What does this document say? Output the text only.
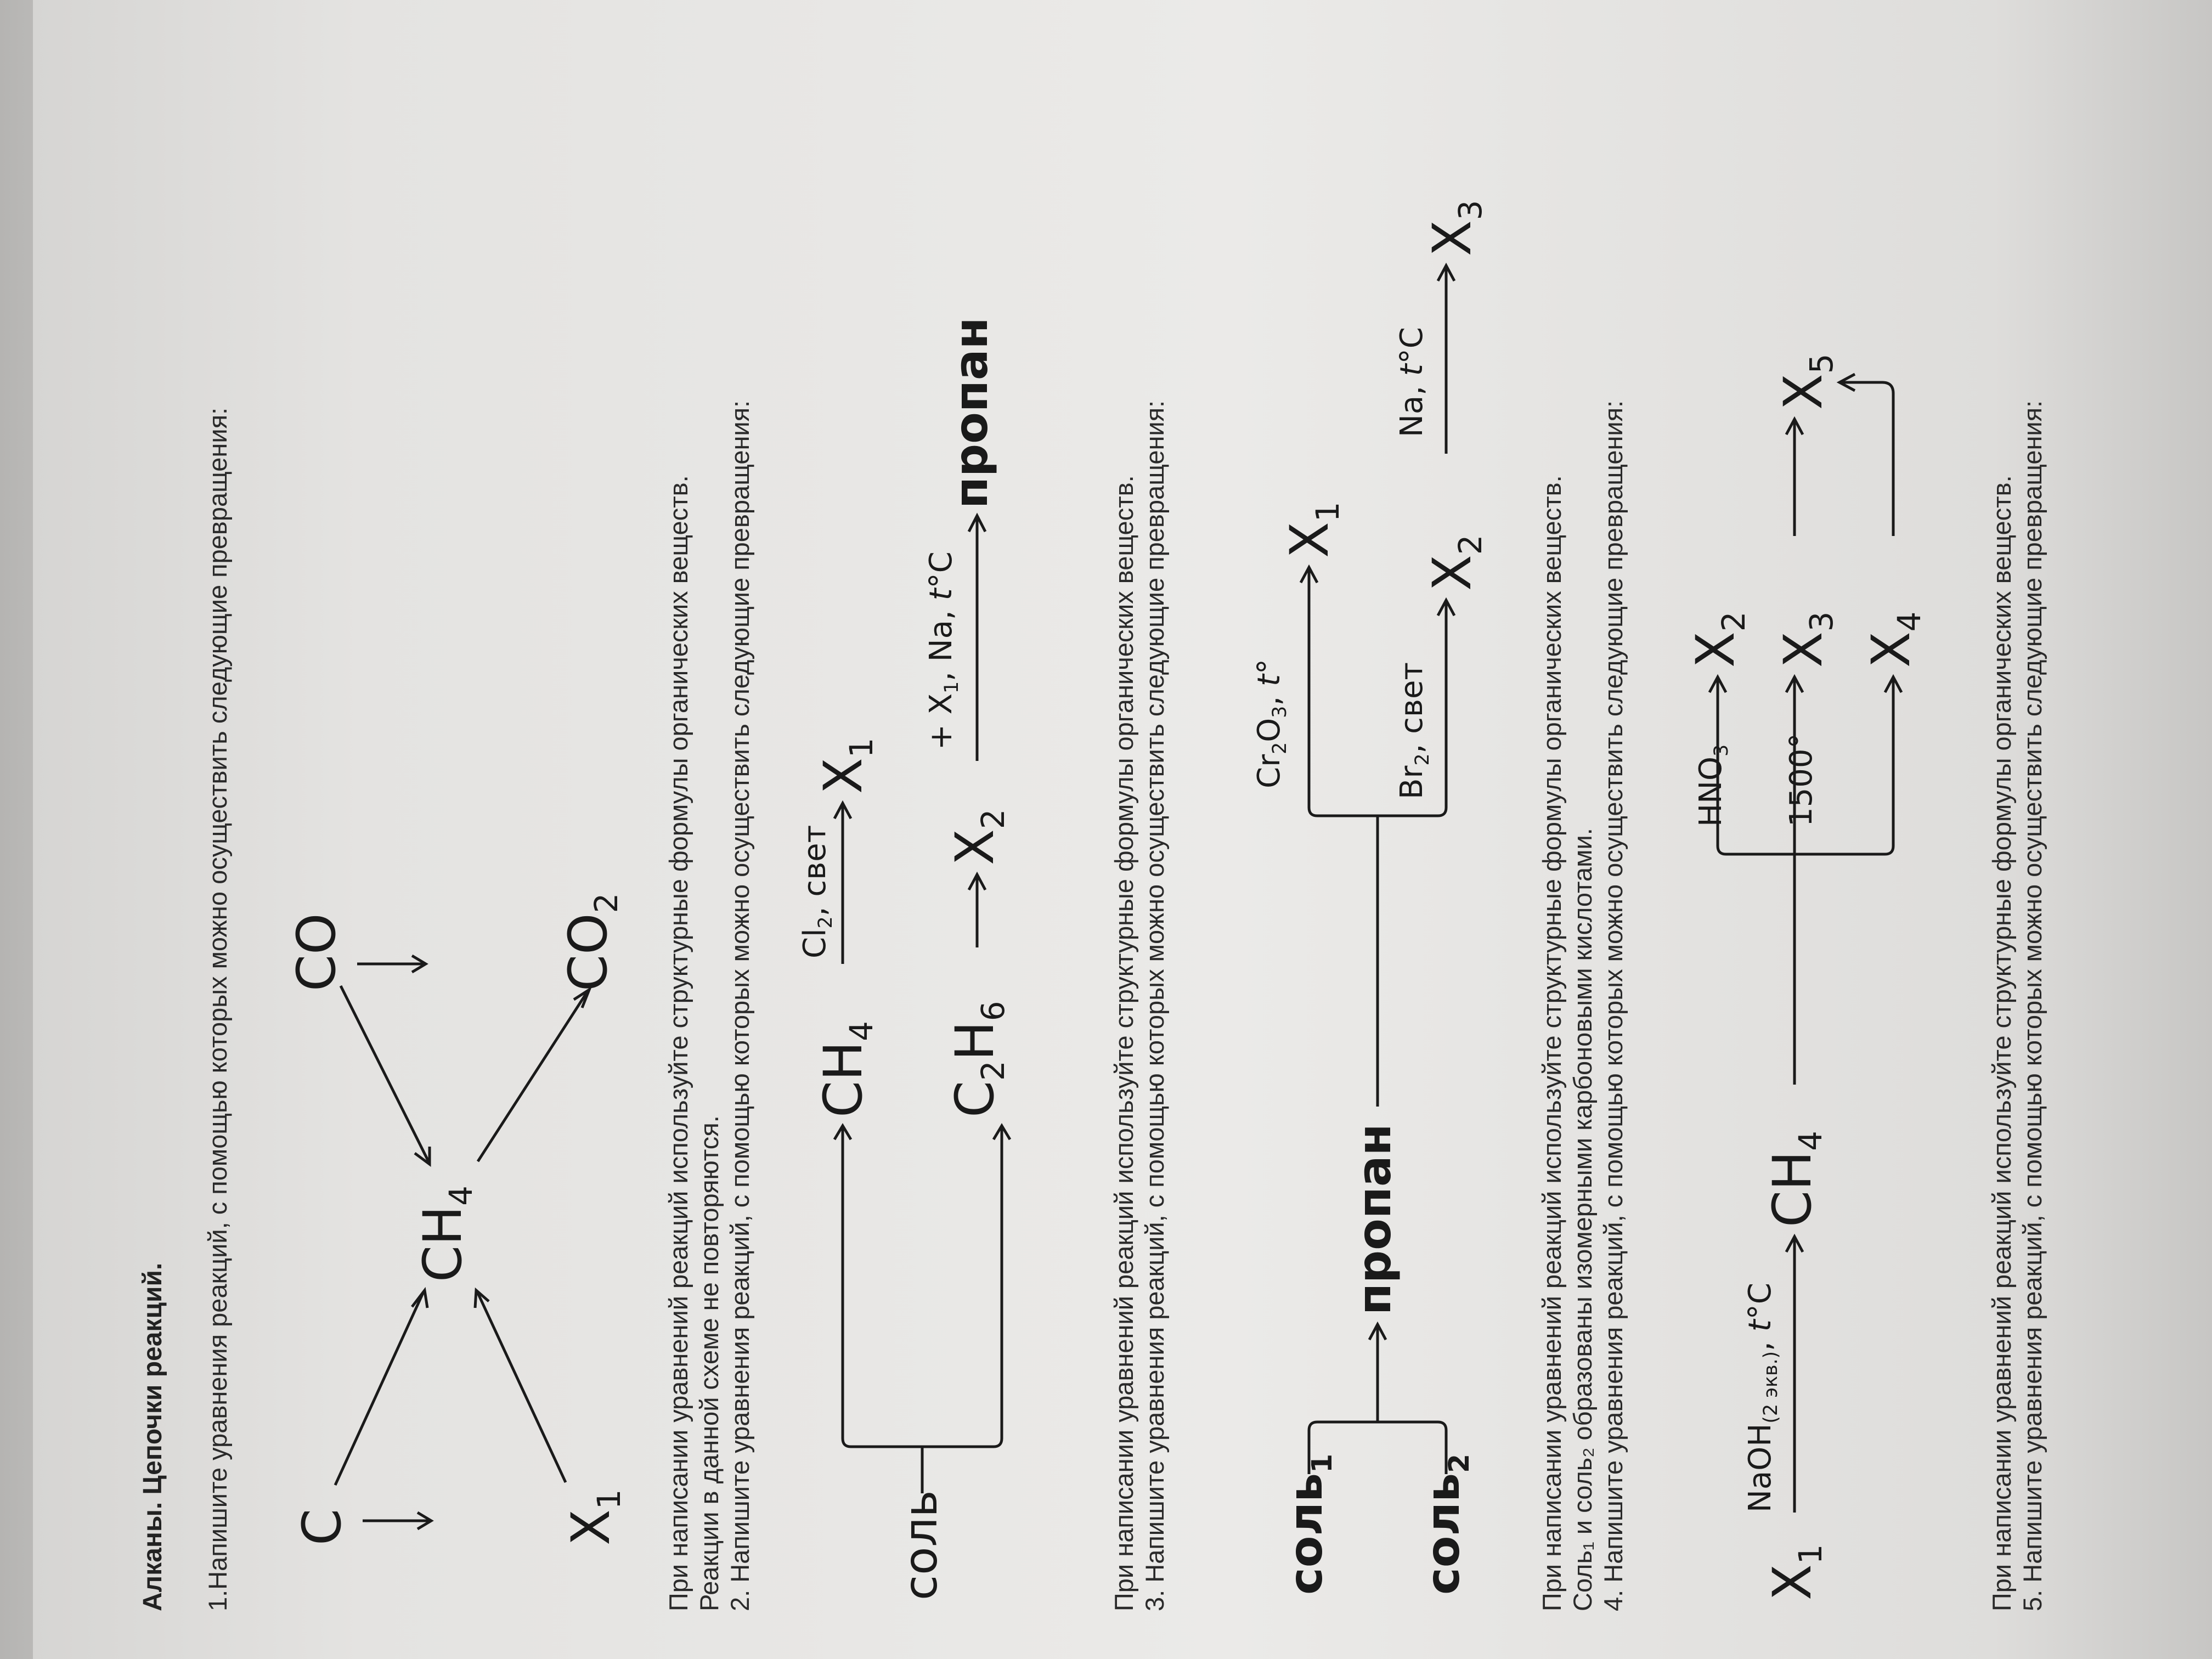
Алканы. Цепочки реакций. 1.Напишите уравнения реакций, с помощью которых можно осуществить следующие превращения: C
$CH_4$
CO
$X_1$
$CO_2$ При написании уравнений реакций используйте структурные формулы органических веществ. Реакции в данной схеме не повторяются. 2. Напишите уравнения реакций, с помощью которых можно осуществить следующие превращения:	соль
$CH_4$
$Cl_2$, свет
$X_1$
$C_2H_6$
$X_2$
+ $X_1$, Na, t°C
пропан
При написании уравнений реакций используйте структурные формулы органических веществ. 3. Напишите уравнения реакций, с помощью которых можно осуществить следующие превращения: соль$_1$
соль$_2$
пропан
$Cr_2O_3$, t°
$X_1$
$Br_2$, свет
$X_2$
Na, t°C
$X_3$
При написании уравнений реакций используйте структурные формулы органических веществ. Соль₁ и соль₂ образованы изомерными карбоновыми кислотами. 4. Напишите уравнения реакций, с помощью которых можно осуществить следующие превращения:	$X_1$
NaOH$_{(2 экв.)}$, t°C
$CH_4$
$HNO_3$
$X_2$
1500°
$X_3$
$X_5$
$X_4$ При написании уравнений реакций используйте структурные формулы органических веществ. 5. Напишите уравнения реакций, с помощью которых можно осуществить следующие превращения:
